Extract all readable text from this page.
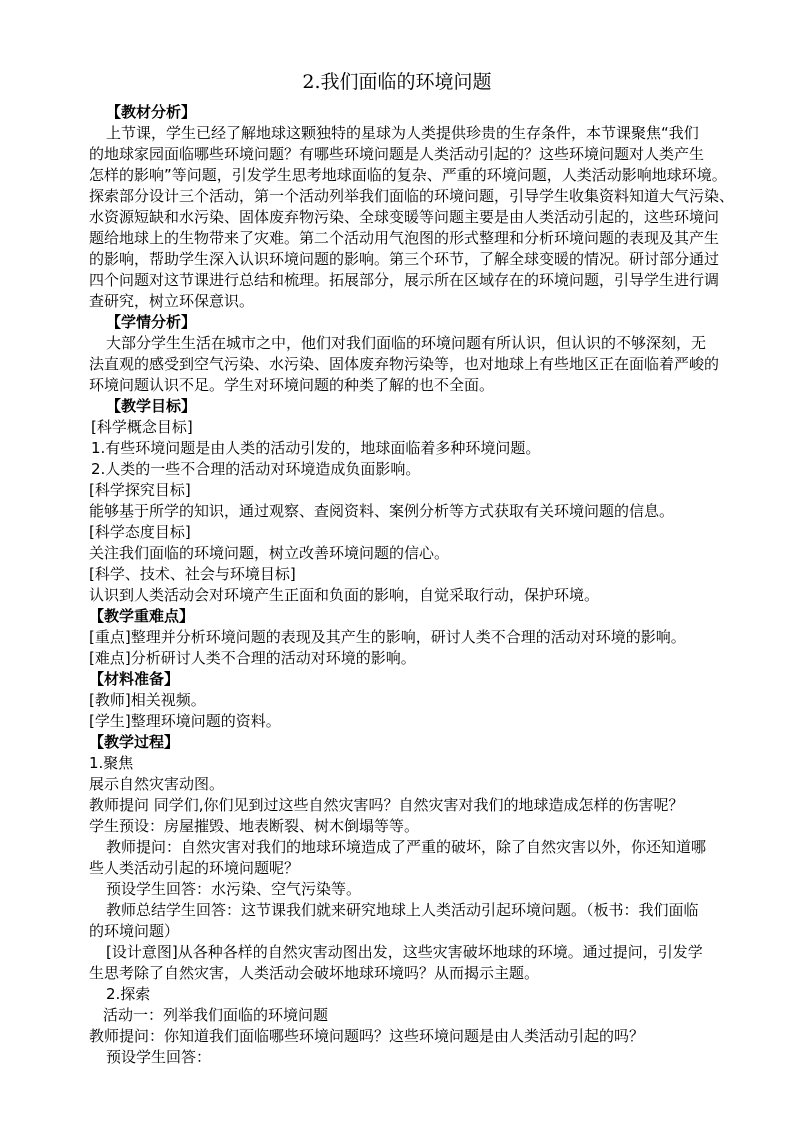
2.我们面临的环境问题
【教材分析】
上节课，学生已经了解地球这颗独特的星球为人类提供珍贵的生存条件，本节课聚焦“我们
的地球家园面临哪些环境问题？有哪些环境问题是人类活动引起的？这些环境问题对人类产生
怎样的影响”等问题，引发学生思考地球面临的复杂、严重的环境问题，人类活动影响地球环境。
探索部分设计三个活动，第一个活动列举我们面临的环境问题，引导学生收集资料知道大气污染、
水资源短缺和水污染、固体废弃物污染、全球变暖等问题主要是由人类活动引起的，这些环境问
题给地球上的生物带来了灾难。第二个活动用气泡图的形式整理和分析环境问题的表现及其产生
的影响，帮助学生深入认识环境问题的影响。第三个环节，了解全球变暖的情况。研讨部分通过
四个问题对这节课进行总结和梳理。拓展部分，展示所在区域存在的环境问题，引导学生进行调
查研究，树立环保意识。
【学情分析】
大部分学生生活在城市之中，他们对我们面临的环境问题有所认识，但认识的不够深刻，无
法直观的感受到空气污染、水污染、固体废弃物污染等，也对地球上有些地区正在面临着严峻的
环境问题认识不足。学生对环境问题的种类了解的也不全面。
【教学目标】
[科学概念目标]
1.有些环境问题是由人类的活动引发的，地球面临着多种环境问题。
2.人类的一些不合理的活动对环境造成负面影响。
[科学探究目标]
能够基于所学的知识，通过观察、查阅资料、案例分析等方式获取有关环境问题的信息。
[科学态度目标]
关注我们面临的环境问题，树立改善环境问题的信心。
[科学、技术、社会与环境目标]
认识到人类活动会对环境产生正面和负面的影响，自觉采取行动，保护环境。
【教学重难点】
[重点]整理并分析环境问题的表现及其产生的影响，研讨人类不合理的活动对环境的影响。
[难点]分析研讨人类不合理的活动对环境的影响。
【材料准备】
[教师]相关视频。
[学生]整理环境问题的资料。
【教学过程】
1.聚焦
展示自然灾害动图。
教师提问 同学们,你们见到过这些自然灾害吗？自然灾害对我们的地球造成怎样的伤害呢？
学生预设：房屋摧毁、地表断裂、树木倒塌等等。
教师提问：自然灾害对我们的地球环境造成了严重的破坏，除了自然灾害以外，你还知道哪
些人类活动引起的环境问题呢？
预设学生回答：水污染、空气污染等。
教师总结学生回答：这节课我们就来研究地球上人类活动引起环境问题。（板书：我们面临
的环境问题）
[设计意图]从各种各样的自然灾害动图出发，这些灾害破坏地球的环境。通过提问，引发学
生思考除了自然灾害，人类活动会破坏地球环境吗？从而揭示主题。
2.探索
活动一：列举我们面临的环境问题
教师提问：你知道我们面临哪些环境问题吗？这些环境问题是由人类活动引起的吗？
预设学生回答：
